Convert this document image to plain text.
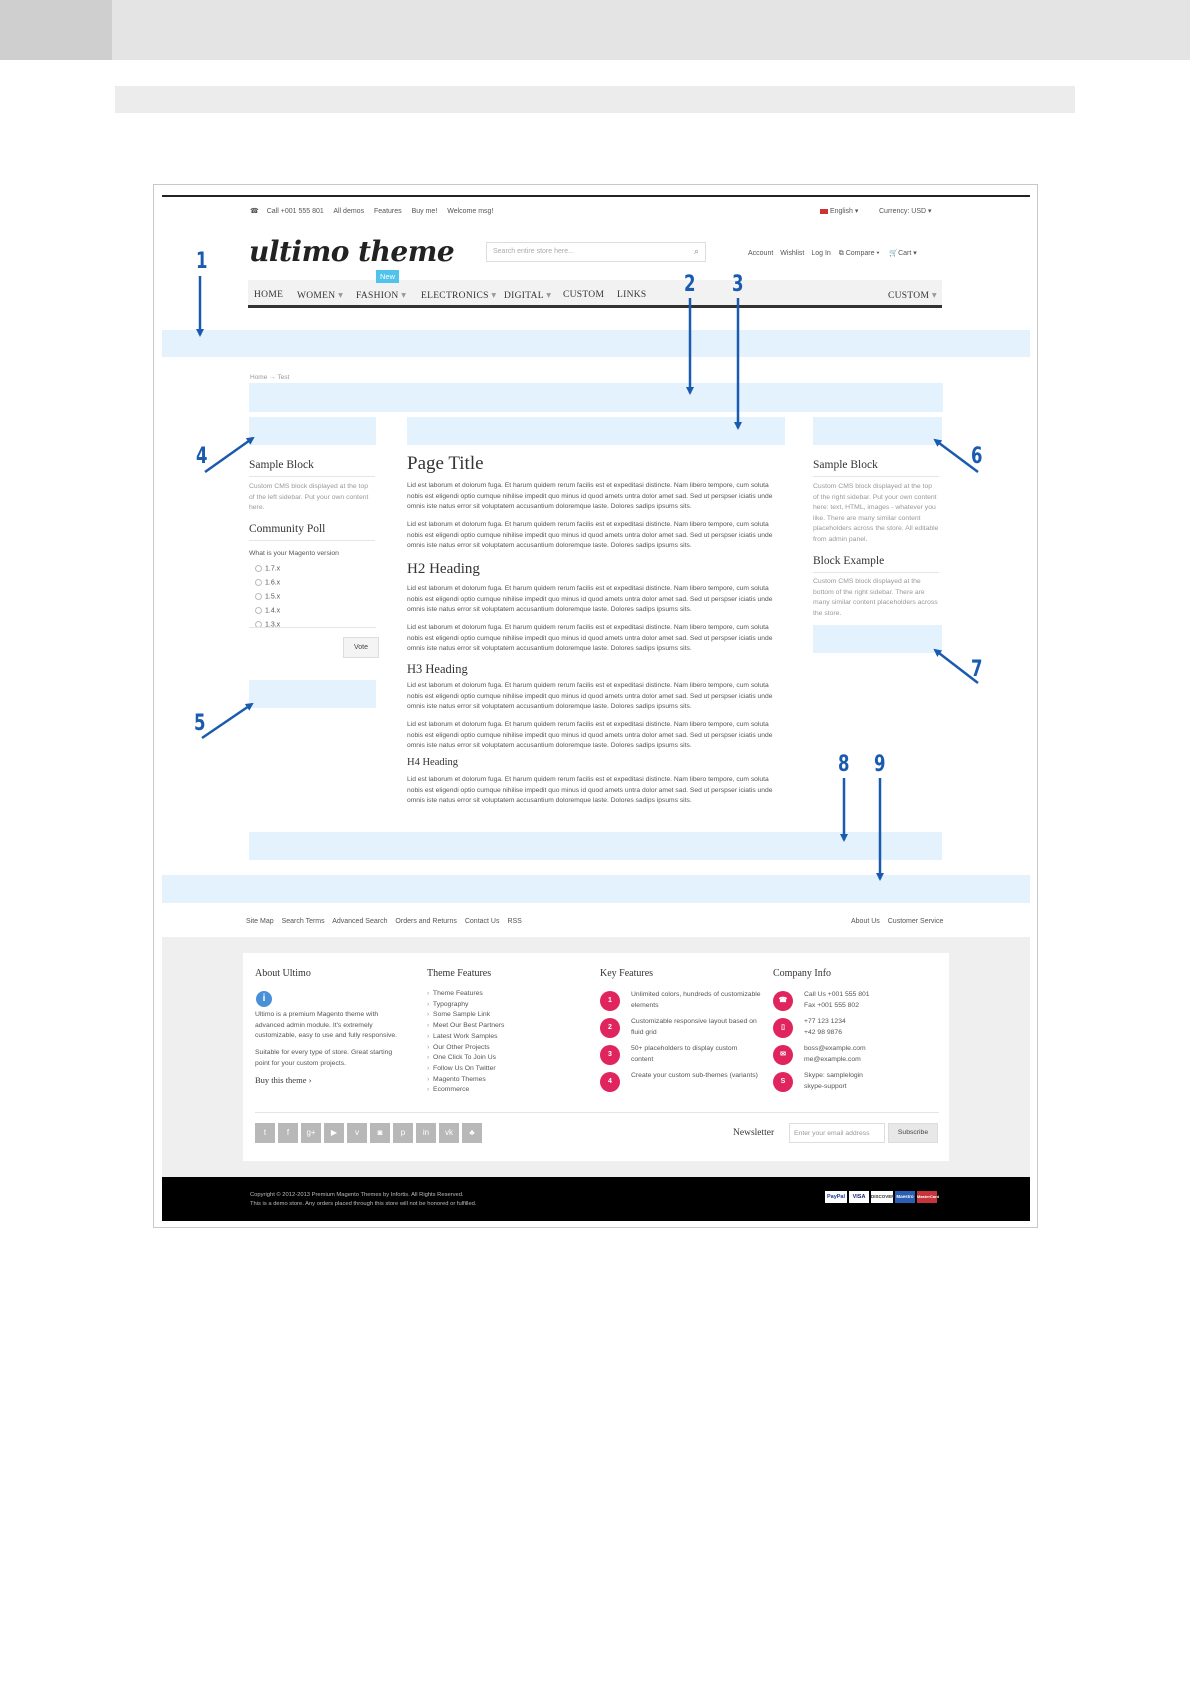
☎ Call +001 555 801 All demos Features Buy me! Welcome msg!	English ▾	Currency: USD ▾
ultimo theme	Search entire store here...	⌕	Account Wishlist Log In ⧉ Compare ▾ 🛒Cart ▾
HOME WOMEN ▾ FASHION ▾
New
ELECTRONICS ▾ DIGITAL ▾ CUSTOM LINKS	CUSTOM ▾
Home → Test
Sample Block
Custom CMS block displayed at the top of the left sidebar. Put your own content here.
Community Poll
What is your Magento version
1.7.x
1.6.x
1.5.x
1.4.x
1.3.x
Vote
Page Title
Lid est laborum et dolorum fuga. Et harum quidem rerum facilis est et expeditasi distincte. Nam libero tempore, cum soluta nobis est eligendi optio cumque nihilise impedit quo minus id quod amets untra dolor amet sad. Sed ut perspser iciatis unde omnis iste natus error sit voluptatem accusantium doloremque laste. Dolores sadips ipsums sits.
Lid est laborum et dolorum fuga. Et harum quidem rerum facilis est et expeditasi distincte. Nam libero tempore, cum soluta nobis est eligendi optio cumque nihilise impedit quo minus id quod amets untra dolor amet sad. Sed ut perspser iciatis unde omnis iste natus error sit voluptatem accusantium doloremque laste. Dolores sadips ipsums sits.
H2 Heading
Lid est laborum et dolorum fuga. Et harum quidem rerum facilis est et expeditasi distincte. Nam libero tempore, cum soluta nobis est eligendi optio cumque nihilise impedit quo minus id quod amets untra dolor amet sad. Sed ut perspser iciatis unde omnis iste natus error sit voluptatem accusantium doloremque laste. Dolores sadips ipsums sits.
Lid est laborum et dolorum fuga. Et harum quidem rerum facilis est et expeditasi distincte. Nam libero tempore, cum soluta nobis est eligendi optio cumque nihilise impedit quo minus id quod amets untra dolor amet sad. Sed ut perspser iciatis unde omnis iste natus error sit voluptatem accusantium doloremque laste. Dolores sadips ipsums sits.
H3 Heading
Lid est laborum et dolorum fuga. Et harum quidem rerum facilis est et expeditasi distincte. Nam libero tempore, cum soluta nobis est eligendi optio cumque nihilise impedit quo minus id quod amets untra dolor amet sad. Sed ut perspser iciatis unde omnis iste natus error sit voluptatem accusantium doloremque laste. Dolores sadips ipsums sits.
Lid est laborum et dolorum fuga. Et harum quidem rerum facilis est et expeditasi distincte. Nam libero tempore, cum soluta nobis est eligendi optio cumque nihilise impedit quo minus id quod amets untra dolor amet sad. Sed ut perspser iciatis unde omnis iste natus error sit voluptatem accusantium doloremque laste. Dolores sadips ipsums sits.
H4 Heading
Lid est laborum et dolorum fuga. Et harum quidem rerum facilis est et expeditasi distincte. Nam libero tempore, cum soluta nobis est eligendi optio cumque nihilise impedit quo minus id quod amets untra dolor amet sad. Sed ut perspser iciatis unde omnis iste natus error sit voluptatem accusantium doloremque laste. Dolores sadips ipsums sits.
Sample Block
Custom CMS block displayed at the top of the right sidebar. Put your own content here: text, HTML, images - whatever you like. There are many similar content placeholders across the store. All editable from admin panel.
Block Example
Custom CMS block displayed at the bottom of the right sidebar. There are many similar content placeholders across the store.
Site Map Search Terms Advanced Search Orders and Returns Contact Us RSS	About Us Customer Service
About Ultimo
i
Ultimo is a premium Magento theme with advanced admin module. It's extremely customizable, easy to use and fully responsive.
Suitable for every type of store. Great starting point for your custom projects.
Buy this theme ›
Theme Features
› Theme Features
› Typography
› Some Sample Link
› Meet Our Best Partners
› Latest Work Samples
› Our Other Projects
› One Click To Join Us
› Follow Us On Twitter
› Magento Themes
› Ecommerce
Key Features
1
Unlimited colors, hundreds of customizable elements
2
Customizable responsive layout based on fluid grid
3
50+ placeholders to display custom content
4
Create your custom sub-themes (variants)
Company Info
☎
Call Us +001 555 801
Fax +001 555 802
▯
+77 123 1234
+42 98 9876
✉
boss@example.com
me@example.com
S
Skype: samplelogin
skype-support
t	f	g+	▶	v	◙	p	in	vk	♣	Newsletter	Enter your email address	Subscribe
Copyright © 2012-2013 Premium Magento Themes by Infortis. All Rights Reserved.
This is a demo store. Any orders placed through this store will not be honored or fulfilled.
PayPal	VISA	DISCOVER Maestro MasterCard
1
2 3
4
5
6
7
8 9
